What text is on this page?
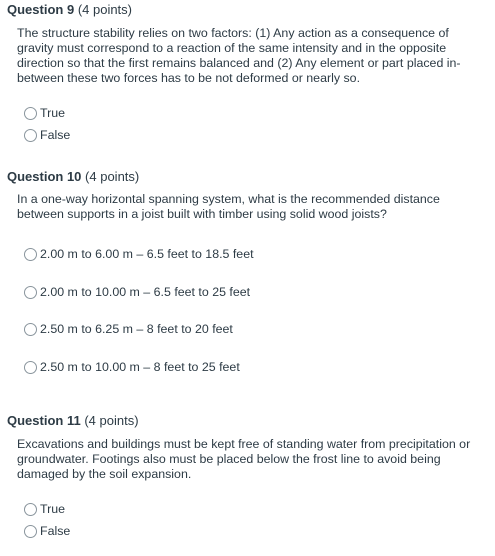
Question 9 (4 points)
The structure stability relies on two factors: (1) Any action as a consequence of gravity must correspond to a reaction of the same intensity and in the opposite direction so that the first remains balanced and (2) Any element or part placed in-between these two forces has to be not deformed or nearly so.
True
False
Question 10 (4 points)
In a one-way horizontal spanning system, what is the recommended distance between supports in a joist built with timber using solid wood joists?
2.00 m to 6.00 m – 6.5 feet to 18.5 feet
2.00 m to 10.00 m – 6.5 feet to 25 feet
2.50 m to 6.25 m – 8 feet to 20 feet
2.50 m to 10.00 m – 8 feet to 25 feet
Question 11 (4 points)
Excavations and buildings must be kept free of standing water from precipitation or groundwater. Footings also must be placed below the frost line to avoid being damaged by the soil expansion.
True
False
